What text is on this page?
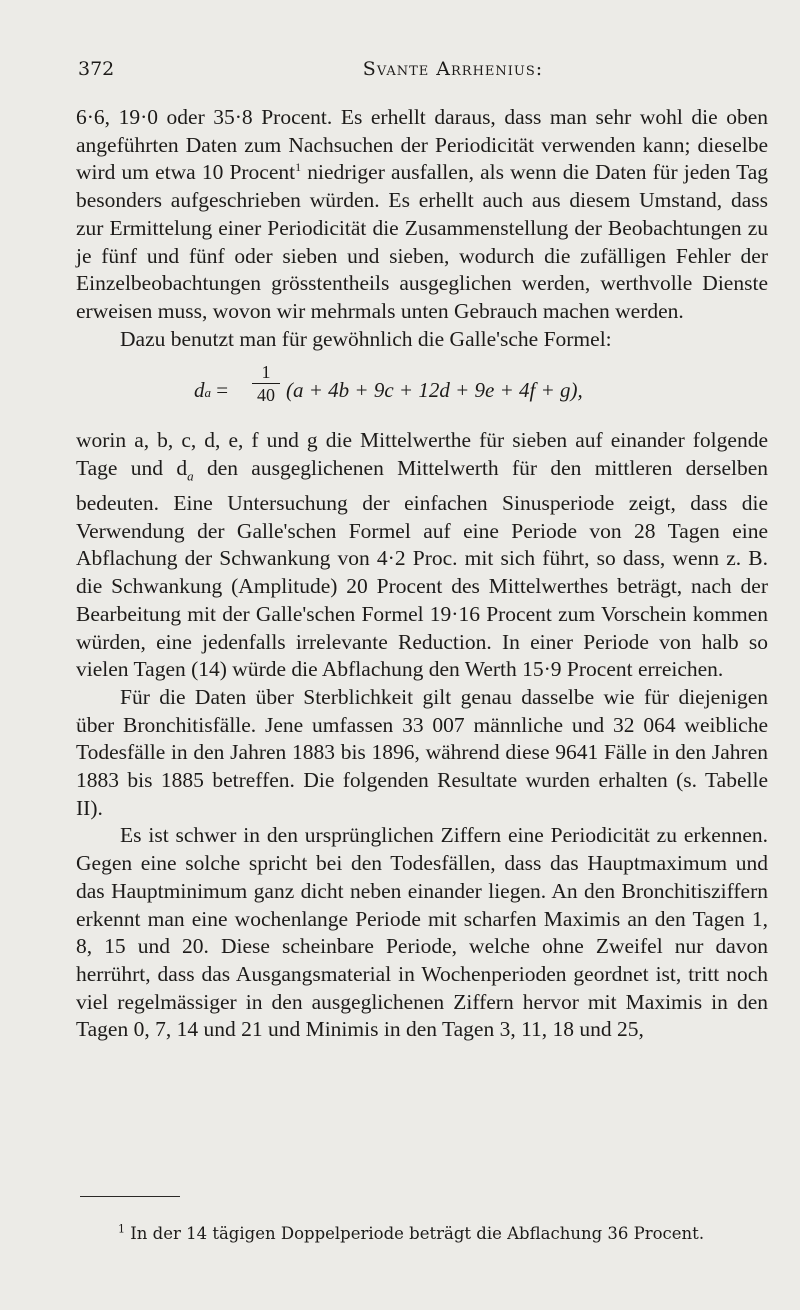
372	Svante Arrhenius:

6·6, 19·0 oder 35·8 Procent. Es erhellt daraus, dass man sehr wohl die oben angeführten Daten zum Nachsuchen der Periodicität verwenden kann; dieselbe wird um etwa 10 Procent$^1$ niedriger ausfallen, als wenn die Daten für jeden Tag besonders aufgeschrieben würden. Es erhellt auch aus diesem Umstand, dass zur Ermittelung einer Periodicität die Zusammenstellung der Beobachtungen zu je fünf und fünf oder sieben und sieben, wodurch die zufälligen Fehler der Einzelbeobachtungen grösstentheils ausgeglichen werden, werthvolle Dienste erweisen muss, wovon wir mehrmals unten Gebrauch machen werden.

Dazu benutzt man für gewöhnlich die Galle'sche Formel:

da = $\frac{1}{40} (a + 4b + 9c + 12d + 9e + 4f + g)$,

worin a, b, c, d, e, f und g die Mittelwerthe für sieben auf einander folgende Tage und $d_a$ den ausgeglichenen Mittelwerth für den mittleren derselben bedeuten. Eine Untersuchung der einfachen Sinusperiode zeigt, dass die Verwendung der Galle'schen Formel auf eine Periode von 28 Tagen eine Abflachung der Schwankung von 4·2 Proc. mit sich führt, so dass, wenn z. B. die Schwankung (Amplitude) 20 Procent des Mittelwerthes beträgt, nach der Bearbeitung mit der Galle'schen Formel 19·16 Procent zum Vorschein kommen würden, eine jedenfalls irrelevante Reduction. In einer Periode von halb so vielen Tagen (14) würde die Abflachung den Werth 15·9 Procent erreichen.

Für die Daten über Sterblichkeit gilt genau dasselbe wie für diejenigen über Bronchitisfälle. Jene umfassen 33 007 männliche und 32 064 weibliche Todesfälle in den Jahren 1883 bis 1896, während diese 9641 Fälle in den Jahren 1883 bis 1885 betreffen. Die folgenden Resultate wurden erhalten (s. Tabelle II).

Es ist schwer in den ursprünglichen Ziffern eine Periodicität zu erkennen. Gegen eine solche spricht bei den Todesfällen, dass das Hauptmaximum und das Hauptminimum ganz dicht neben einander liegen. An den Bronchitisziffern erkennt man eine wochenlange Periode mit scharfen Maximis an den Tagen 1, 8, 15 und 20. Diese scheinbare Periode, welche ohne Zweifel nur davon herrührt, dass das Ausgangsmaterial in Wochenperioden geordnet ist, tritt noch viel regelmässiger in den ausgeglichenen Ziffern hervor mit Maximis in den Tagen 0, 7, 14 und 21 und Minimis in den Tagen 3, 11, 18 und 25,

$^1$ In der 14 tägigen Doppelperiode beträgt die Abflachung 36 Procent.
